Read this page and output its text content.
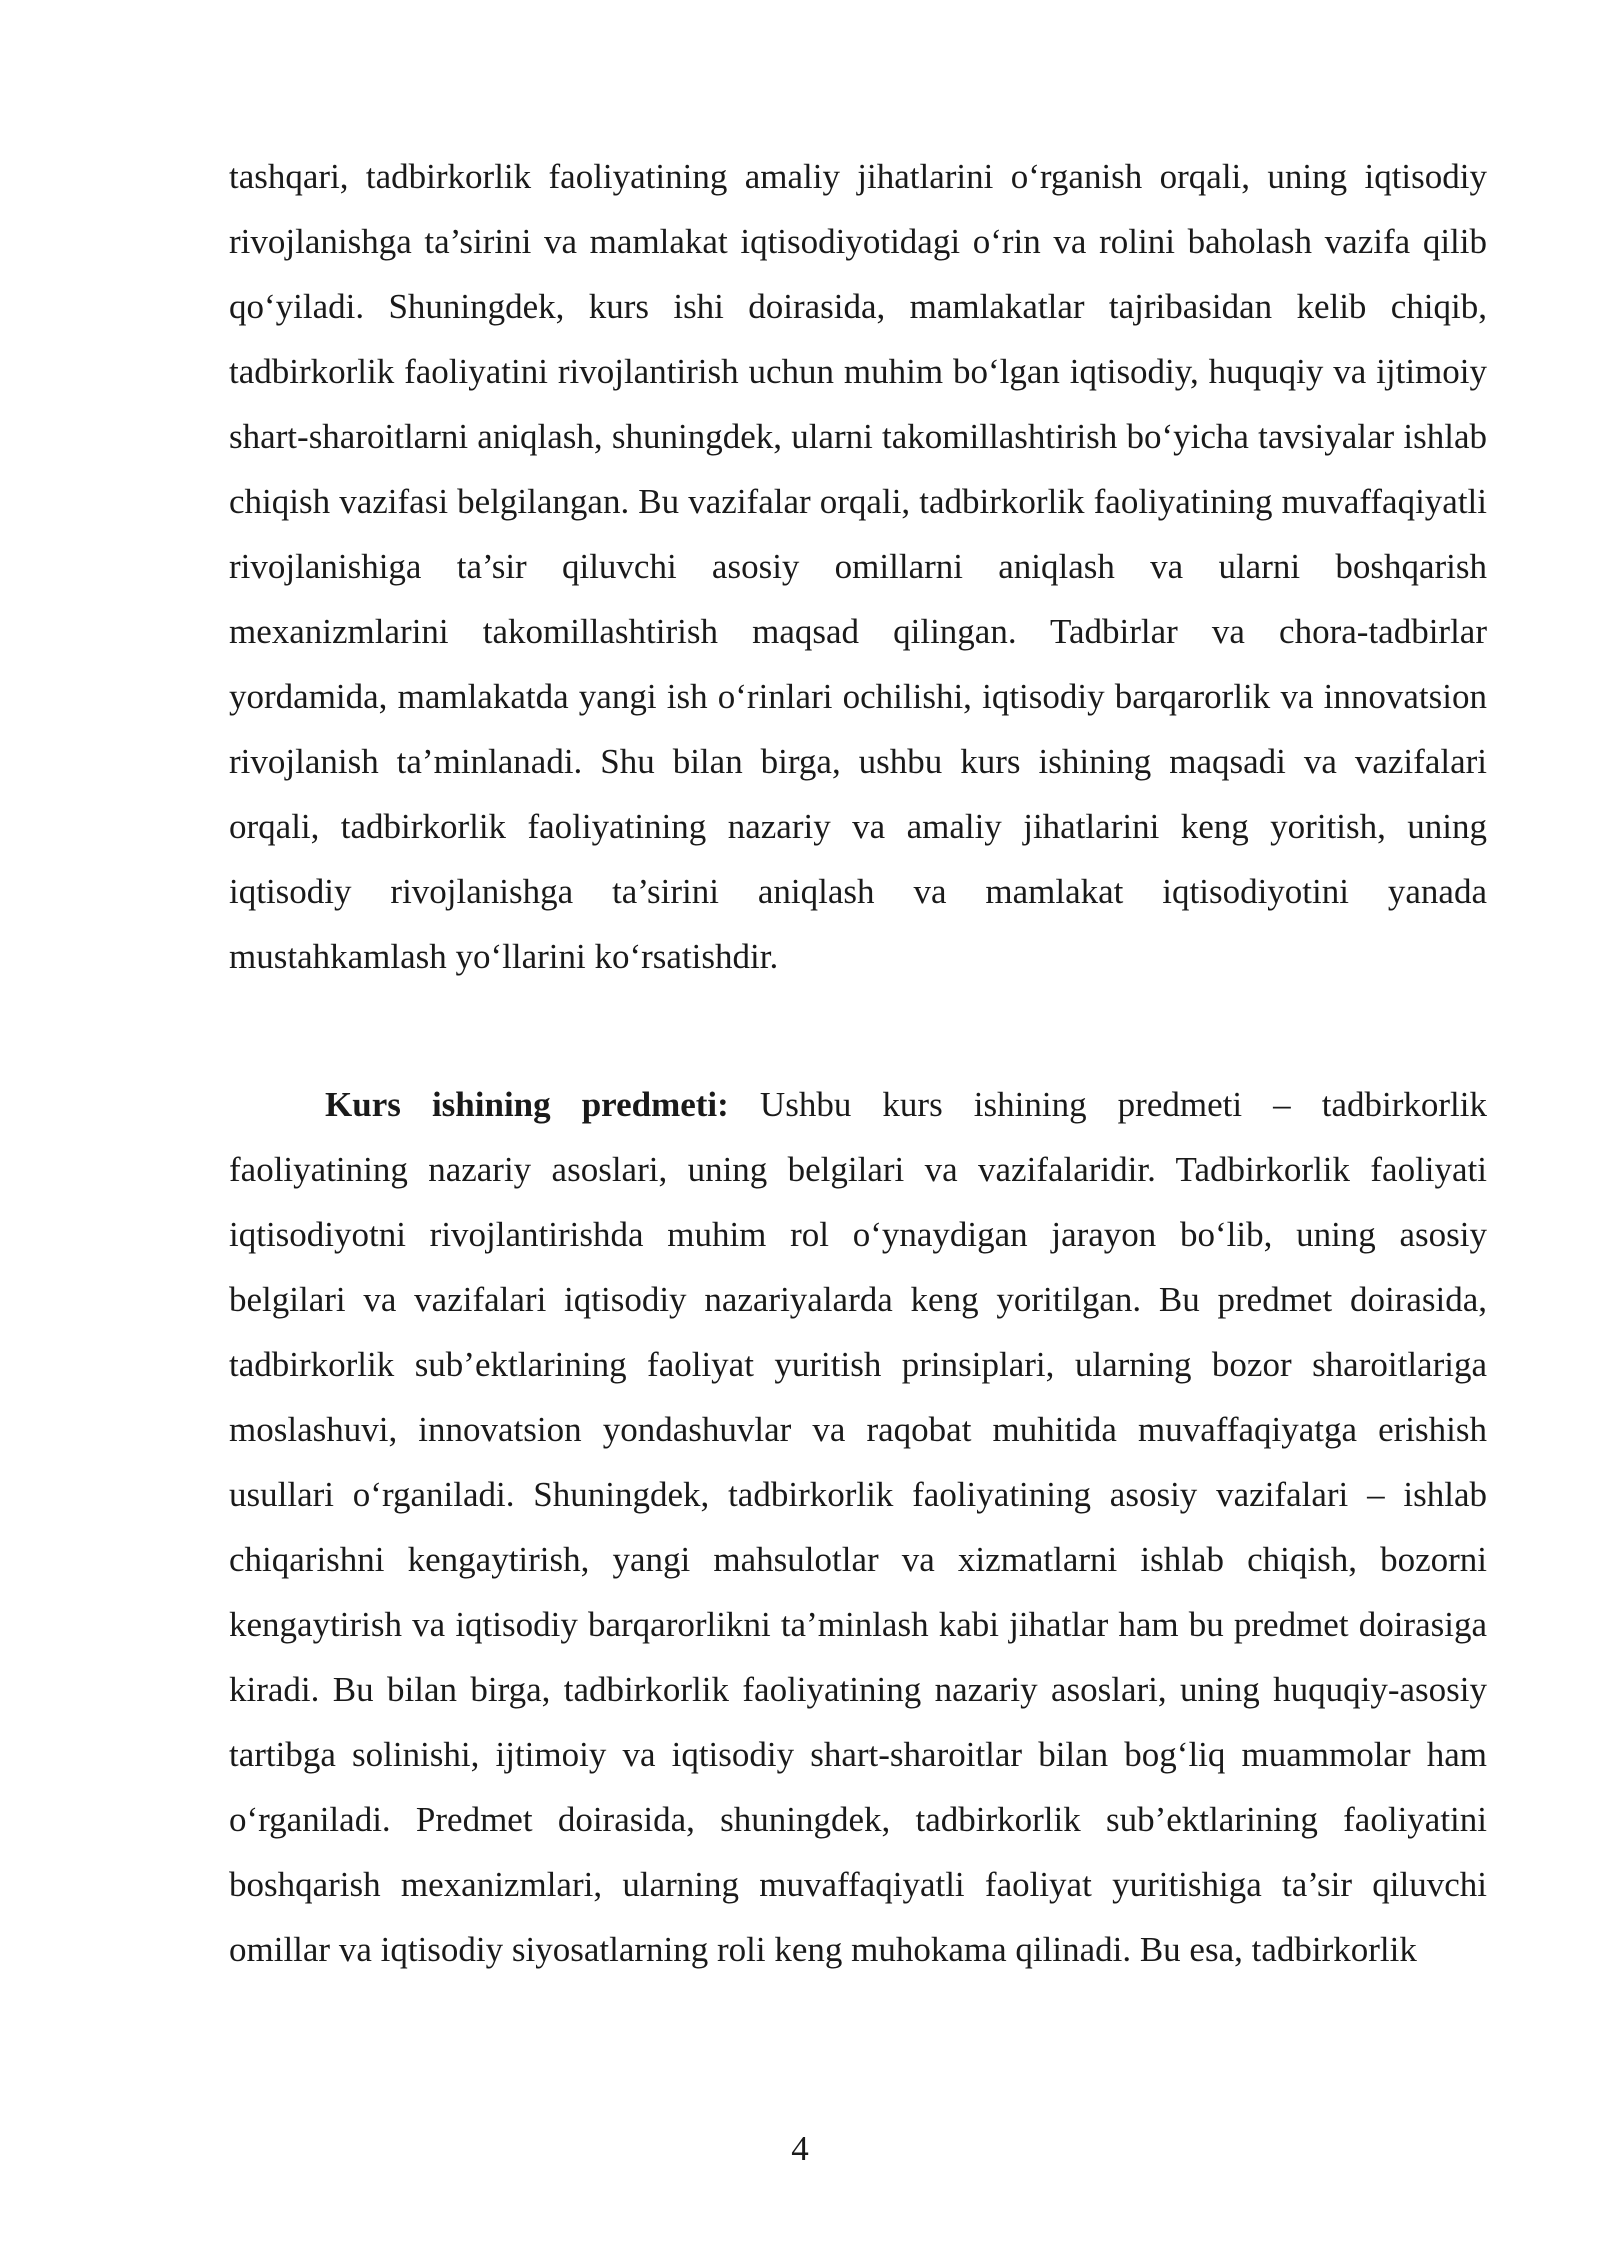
tashqari, tadbirkorlik faoliyatining amaliy jihatlarini o‘rganish orqali, uning iqtisodiy rivojlanishga ta’sirini va mamlakat iqtisodiyotidagi o‘rin va rolini baholash vazifa qilib qo‘yiladi. Shuningdek, kurs ishi doirasida, mamlakatlar tajribasidan kelib chiqib, tadbirkorlik faoliyatini rivojlantirish uchun muhim bo‘lgan iqtisodiy, huquqiy va ijtimoiy shart-sharoitlarni aniqlash, shuningdek, ularni takomillashtirish bo‘yicha tavsiyalar ishlab chiqish vazifasi belgilangan. Bu vazifalar orqali, tadbirkorlik faoliyatining muvaffaqiyatli rivojlanishiga ta’sir qiluvchi asosiy omillarni aniqlash va ularni boshqarish mexanizmlarini takomillashtirish maqsad qilingan. Tadbirlar va chora-tadbirlar yordamida, mamlakatda yangi ish o‘rinlari ochilishi, iqtisodiy barqarorlik va innovatsion rivojlanish ta’minlanadi. Shu bilan birga, ushbu kurs ishining maqsadi va vazifalari orqali, tadbirkorlik faoliyatining nazariy va amaliy jihatlarini keng yoritish, uning iqtisodiy rivojlanishga ta’sirini aniqlash va mamlakat iqtisodiyotini yanada mustahkamlash yo‘llarini ko‘rsatishdir.
Kurs ishining predmeti: Ushbu kurs ishining predmeti – tadbirkorlik faoliyatining nazariy asoslari, uning belgilari va vazifalaridir. Tadbirkorlik faoliyati iqtisodiyotni rivojlantirishda muhim rol o‘ynaydigan jarayon bo‘lib, uning asosiy belgilari va vazifalari iqtisodiy nazariyalarda keng yoritilgan. Bu predmet doirasida, tadbirkorlik sub’ektlarining faoliyat yuritish prinsiplari, ularning bozor sharoitlariga moslashuvi, innovatsion yondashuvlar va raqobat muhitida muvaffaqiyatga erishish usullari o‘rganiladi. Shuningdek, tadbirkorlik faoliyatining asosiy vazifalari – ishlab chiqarishni kengaytirish, yangi mahsulotlar va xizmatlarni ishlab chiqish, bozorni kengaytirish va iqtisodiy barqarorlikni ta’minlash kabi jihatlar ham bu predmet doirasiga kiradi. Bu bilan birga, tadbirkorlik faoliyatining nazariy asoslari, uning huquqiy-asosiy tartibga solinishi, ijtimoiy va iqtisodiy shart-sharoitlar bilan bog‘liq muammolar ham o‘rganiladi. Predmet doirasida, shuningdek, tadbirkorlik sub’ektlarining faoliyatini boshqarish mexanizmlari, ularning muvaffaqiyatli faoliyat yuritishiga ta’sir qiluvchi omillar va iqtisodiy siyosatlarning roli keng muhokama qilinadi. Bu esa, tadbirkorlik
4
